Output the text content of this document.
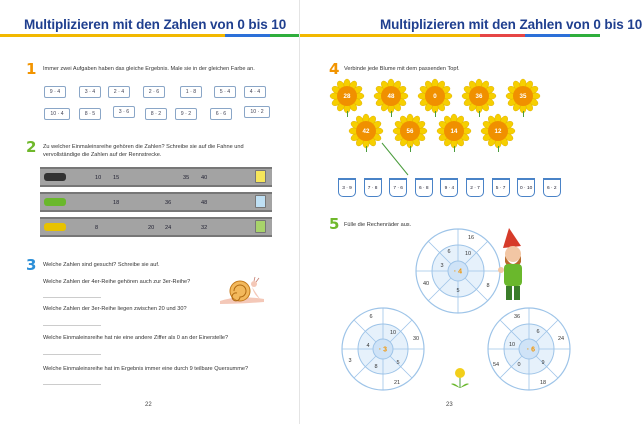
Multiplizieren mit den Zahlen von 0 bis 10
1 Immer zwei Aufgaben haben das gleiche Ergebnis. Male sie in der gleichen Farbe an.
9 · 4	3 · 4	2 · 4	2 · 6	1 · 8	5 · 4	4 · 4
10 · 4	8 · 5	3 · 6	8 · 2	9 · 2	6 · 6	10 · 2
2 Zu welcher Einmaleinsreihe gehören die Zahlen? Schreibe sie auf die Fahne und vervollständige die Zahlen auf der Rennstrecke.
10 15	35 40
18	36	48
8	20 24	32
3 Welche Zahlen sind gesucht? Schreibe sie auf.
Welche Zahlen der 4er-Reihe gehören auch zur 3er-Reihe?
Welche Zahlen der 3er-Reihe liegen zwischen 20 und 30?
Welche Einmaleinsreihe hat nie eine andere Ziffer als 0 an der Einerstelle?
Welche Einmaleinsreihe hat im Ergebnis immer eine durch 9 teilbare Quersumme?
22
Multiplizieren mit den Zahlen von 0 bis 10
4 Verbinde jede Blume mit dem passenden Topf.
5 Fülle die Rechenräder aus.
· 4
6	10
3
5
16
40	8
· 3
4
10
5
8
6
30
3
21
· 6
6
10
0	9
36
24
54
18
23
28	48	0	36	35
42	56	14	12
3 · 9	7 · 8	7 · 6	6 · 8	9 · 4	2 · 7	5 · 7	0 · 10	6 · 2
